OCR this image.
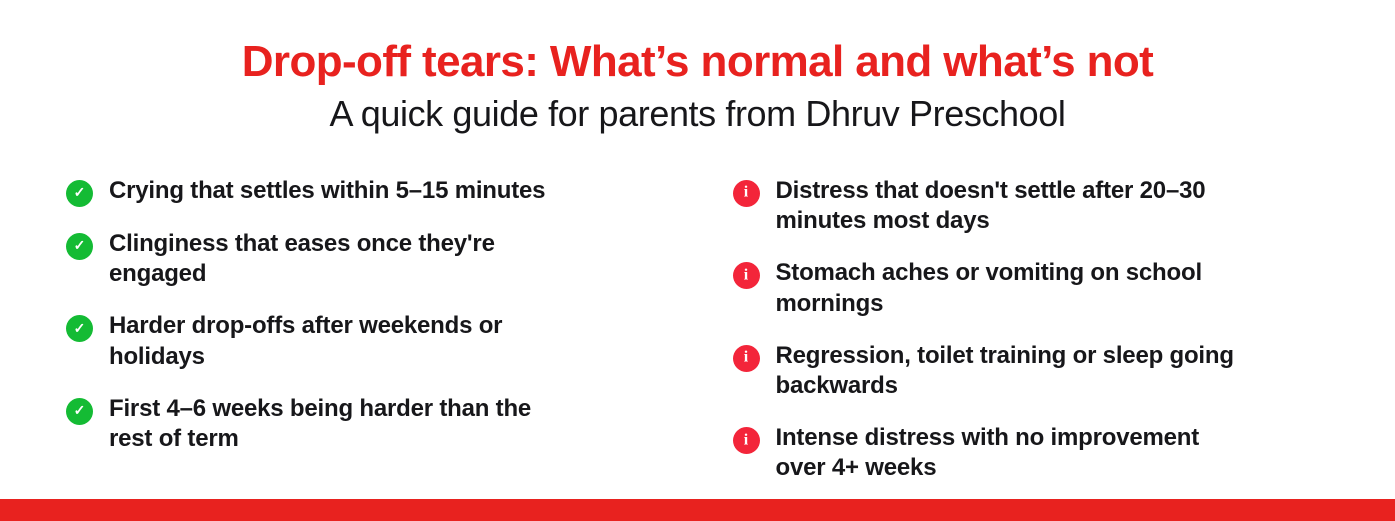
Drop-off tears: What’s normal and what’s not
A quick guide for parents from Dhruv Preschool
✓ Crying that settles within 5–15 minutes
✓ Clinginess that eases once they're engaged
✓ Harder drop-offs after weekends or holidays
✓ First 4–6 weeks being harder than the rest of term
i Distress that doesn't settle after 20–30 minutes most days
i Stomach aches or vomiting on school mornings
i Regression, toilet training or sleep going backwards
i Intense distress with no improvement over 4+ weeks
